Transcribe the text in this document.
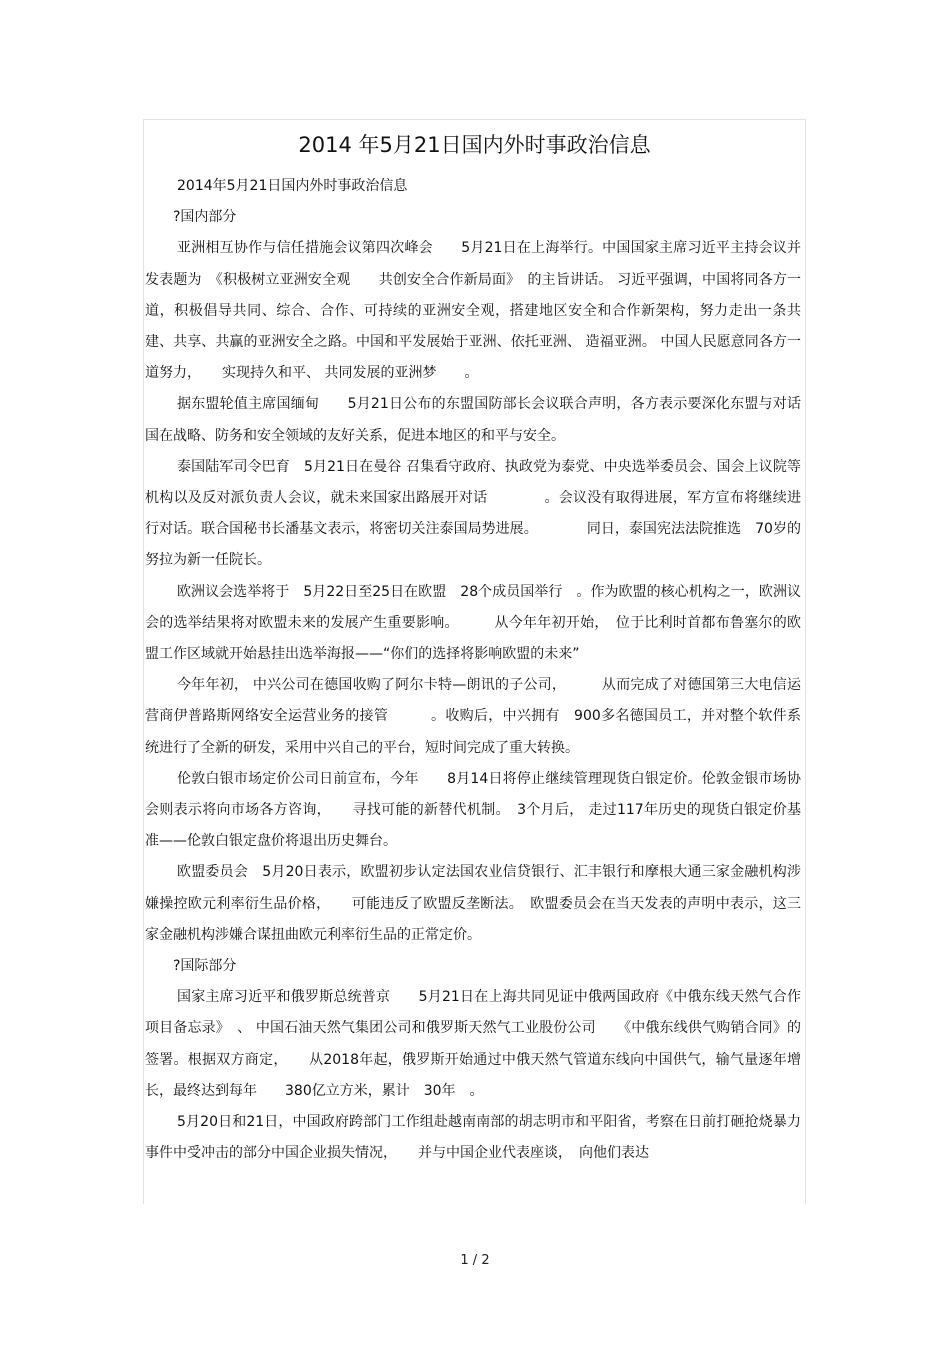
2014 年5月21日国内外时事政治信息

2014年5月21日国内外时事政治信息

?国内部分

亚洲相互协作与信任措施会议第四次峰会　　5月21日在上海举行。中国国家主席习近平主持会议并发表题为　《积极树立亚洲安全观　　共创安全合作新局面》　的主旨讲话。 习近平强调，中国将同各方一道，积极倡导共同、综合、合作、可持续的亚洲安全观，搭建地区安全和合作新架构，努力走出一条共建、共享、共赢的亚洲安全之路。中国和平发展始于亚洲、依托亚洲、 造福亚洲。 中国人民愿意同各方一道努力，　　实现持久和平、 共同发展的亚洲梦　　。

据东盟轮值主席国缅甸　　5月21日公布的东盟国防部长会议联合声明，各方表示要深化东盟与对话国在战略、防务和安全领域的友好关系，促进本地区的和平与安全。

泰国陆军司令巴育　5月21日在曼谷 召集看守政府、执政党为泰党、中央选举委员会、国会上议院等机构以及反对派负责人会议，就未来国家出路展开对话　　　　。会议没有取得进展，军方宣布将继续进行对话。联合国秘书长潘基文表示，将密切关注泰国局势进展。　　　　同日，泰国宪法法院推选　70岁的努拉为新一任院长。

欧洲议会选举将于　5月22日至25日在欧盟　28个成员国举行　。作为欧盟的核心机构之一，欧洲议会的选举结果将对欧盟未来的发展产生重要影响。　　　从今年年初开始，　位于比利时首都布鲁塞尔的欧盟工作区域就开始悬挂出选举海报——“你们的选择将影响欧盟的未来”

今年年初， 中兴公司在德国收购了阿尔卡特—朗讯的子公司，　　　从而完成了对德国第三大电信运营商伊普路斯网络安全运营业务的接管　　　。收购后，中兴拥有　900多名德国员工，并对整个软件系统进行了全新的研发，采用中兴自己的平台，短时间完成了重大转换。

伦敦白银市场定价公司日前宣布，今年　　8月14日将停止继续管理现货白银定价。伦敦金银市场协会则表示将向市场各方咨询，　　寻找可能的新替代机制。　3个月后， 走过117年历史的现货白银定价基准——伦敦白银定盘价将退出历史舞台。

欧盟委员会　5月20日表示，欧盟初步认定法国农业信贷银行、汇丰银行和摩根大通三家金融机构涉嫌操控欧元利率衍生品价格，　　可能违反了欧盟反垄断法。　欧盟委员会在当天发表的声明中表示，这三家金融机构涉嫌合谋扭曲欧元利率衍生品的正常定价。

?国际部分

国家主席习近平和俄罗斯总统普京　　5月21日在上海共同见证中俄两国政府《中俄东线天然气合作项目备忘录》　、 中国石油天然气集团公司和俄罗斯天然气工业股份公司　　《中俄东线供气购销合同》的签署。根据双方商定，　　从2018年起，俄罗斯开始通过中俄天然气管道东线向中国供气，输气量逐年增长，最终达到每年　　380亿立方米，累计　30年　。

5月20日和21日，中国政府跨部门工作组赴越南南部的胡志明市和平阳省，考察在日前打砸抢烧暴力事件中受冲击的部分中国企业损失情况，　　并与中国企业代表座谈，　向他们表达

1 / 2
